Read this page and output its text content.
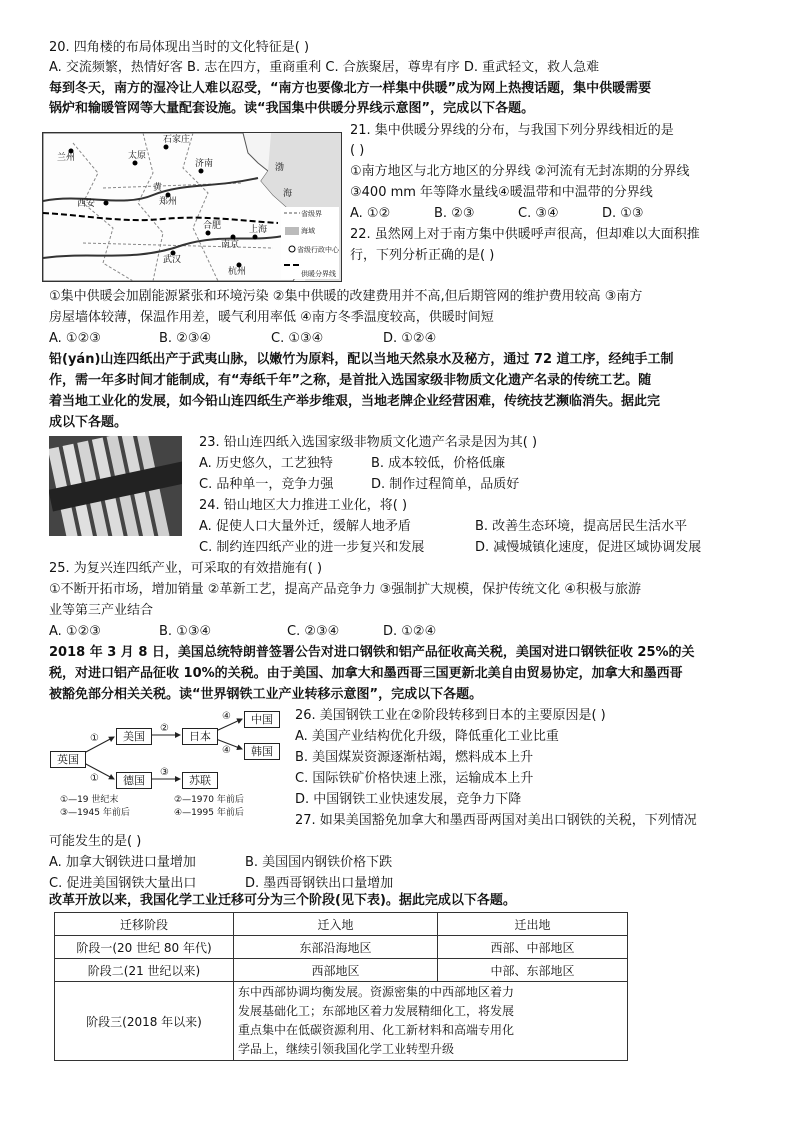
20. 四角楼的布局体现出当时的文化特征是( )
A. 交流频繁，热情好客 B. 志在四方，重商重利 C. 合族聚居，尊卑有序 D. 重武轻文，救人急难
每到冬天，南方的湿冷让人难以忍受，“南方也要像北方一样集中供暖”成为网上热搜话题，集中供暖需要
锅炉和输暖管网等大量配套设施。读“我国集中供暖分界线示意图”，完成以下各题。
石家庄
太原
济南
兰州
郑州
西安
合肥
南京
上海
武汉
杭州
黄
海
渤
省级界
海域
省级行政中心
供暖分界线
21. 集中供暖分界线的分布，与我国下列分界线相近的是
( )
①南方地区与北方地区的分界线 ②河流有无封冻期的分界线
③400 mm 年等降水量线④暖温带和中温带的分界线
A. ①②	B. ②③	C. ③④	D. ①③
22. 虽然网上对于南方集中供暖呼声很高，但却难以大面积推
行，下列分析正确的是( )
①集中供暖会加剧能源紧张和环境污染 ②集中供暖的改建费用并不高,但后期管网的维护费用较高 ③南方
房屋墙体较薄，保温作用差，暖气利用率低 ④南方冬季温度较高，供暖时间短
A. ①②③	B. ②③④	C. ①③④	D. ①②④
铅(yán)山连四纸出产于武夷山脉，以嫩竹为原料，配以当地天然泉水及秘方，通过 72 道工序，经纯手工制
作，需一年多时间才能制成，有“寿纸千年”之称，是首批入选国家级非物质文化遗产名录的传统工艺。随
着当地工业化的发展，如今铅山连四纸生产举步维艰，当地老牌企业经营困难，传统技艺濒临消失。据此完
成以下各题。
23. 铅山连四纸入选国家级非物质文化遗产名录是因为其( )
A. 历史悠久，工艺独特	B. 成本较低，价格低廉
C. 品种单一，竞争力强	D. 制作过程简单，品质好
24. 铅山地区大力推进工业化，将( )
A. 促使人口大量外迁，缓解人地矛盾	B. 改善生态环境，提高居民生活水平
C. 制约连四纸产业的进一步复兴和发展	D. 减慢城镇化速度，促进区域协调发展
25. 为复兴连四纸产业，可采取的有效措施有( )
①不断开拓市场，增加销量 ②革新工艺，提高产品竞争力 ③强制扩大规模，保护传统文化 ④积极与旅游
业等第三产业结合
A. ①②③	B. ①③④	C. ②③④	D. ①②④
2018 年 3 月 8 日，美国总统特朗普签署公告对进口钢铁和铝产品征收高关税，美国对进口钢铁征收 25%的关
税，对进口铝产品征收 10%的关税。由于美国、加拿大和墨西哥三国更新北美自由贸易协定，加拿大和墨西哥
被豁免部分相关关税。读“世界钢铁工业产业转移示意图”，完成以下各题。
英国
美国	日本
中国
韩国
德国	苏联
①
②
④
④
①
③
①—19 世纪末	②—1970 年前后
③—1945 年前后	④—1995 年前后
26. 美国钢铁工业在②阶段转移到日本的主要原因是( )
A. 美国产业结构优化升级，降低重化工业比重
B. 美国煤炭资源逐渐枯竭，燃料成本上升
C. 国际铁矿价格快速上涨，运输成本上升
D. 中国钢铁工业快速发展，竞争力下降
27. 如果美国豁免加拿大和墨西哥两国对美出口钢铁的关税，下列情况
可能发生的是( )
A. 加拿大钢铁进口量增加	B. 美国国内钢铁价格下跌
C. 促进美国钢铁大量出口	D. 墨西哥钢铁出口量增加
改革开放以来，我国化学工业迁移可分为三个阶段(见下表)。据此完成以下各题。
迁移阶段	迁入地	迁出地
阶段一(20 世纪 80 年代)	东部沿海地区	西部、中部地区
阶段二(21 世纪以来)	西部地区	中部、东部地区
阶段三(2018 年以来)	东中西部协调均衡发展。资源密集的中西部地区着力
发展基础化工；东部地区着力发展精细化工，将发展
重点集中在低碳资源利用、化工新材料和高端专用化
学品上，继续引领我国化学工业转型升级	
